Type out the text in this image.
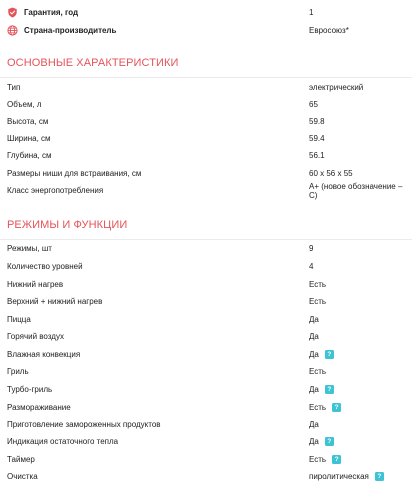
Гарантия, год	1
Страна-производитель	Евросоюз*
ОСНОВНЫЕ ХАРАКТЕРИСТИКИ
Тип	электрический
Объем, л	65
Высота, см	59.8
Ширина, см	59.4
Глубина, см	56.1
Размеры ниши для встраивания, см	60 x 56 x 55
Класс энергопотребления	A+ (новое обозначение – C)
РЕЖИМЫ И ФУНКЦИИ
Режимы, шт	9
Количество уровней	4
Нижний нагрев	Есть
Верхний + нижний нагрев	Есть
Пицца	Да
Горячий воздух	Да
Влажная конвекция	Да	?
Гриль	Есть
Турбо-гриль	Да	?
Размораживание	Есть	?
Приготовление замороженных продуктов	Да
Индикация остаточного тепла	Да	?
Таймер	Есть	?
Очистка	пиролитическая	?
